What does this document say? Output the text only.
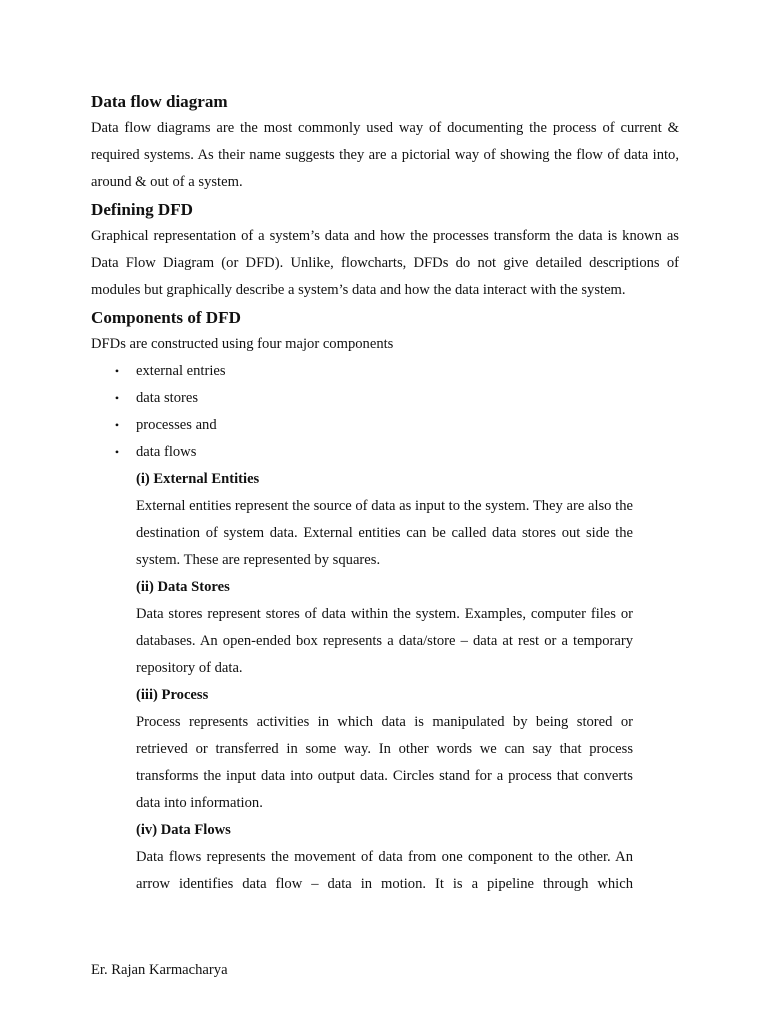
Data flow diagram

Data flow diagrams are the most commonly used way of documenting the process of current & required systems. As their name suggests they are a pictorial way of showing the flow of data into, around & out of a system.

Defining DFD

Graphical representation of a system’s data and how the processes transform the data is known as Data Flow Diagram (or DFD). Unlike, flowcharts, DFDs do not give detailed descriptions of modules but graphically describe a system’s data and how the data interact with the system.

Components of DFD

DFDs are constructed using four major components

• external entries
• data stores
• processes and
• data flows
(i) External Entities

External entities represent the source of data as input to the system. They are also the destination of system data. External entities can be called data stores out side the system. These are represented by squares.

(ii) Data Stores

Data stores represent stores of data within the system. Examples, computer files or databases. An open-ended box represents a data/store – data at rest or a temporary repository of data.

(iii) Process

Process represents activities in which data is manipulated by being stored or retrieved or transferred in some way. In other words we can say that process transforms the input data into output data. Circles stand for a process that converts data into information.

(iv) Data Flows

Data flows represents the movement of data from one component to the other. An arrow identifies data flow – data in motion. It is a pipeline through which

Er. Rajan Karmacharya
